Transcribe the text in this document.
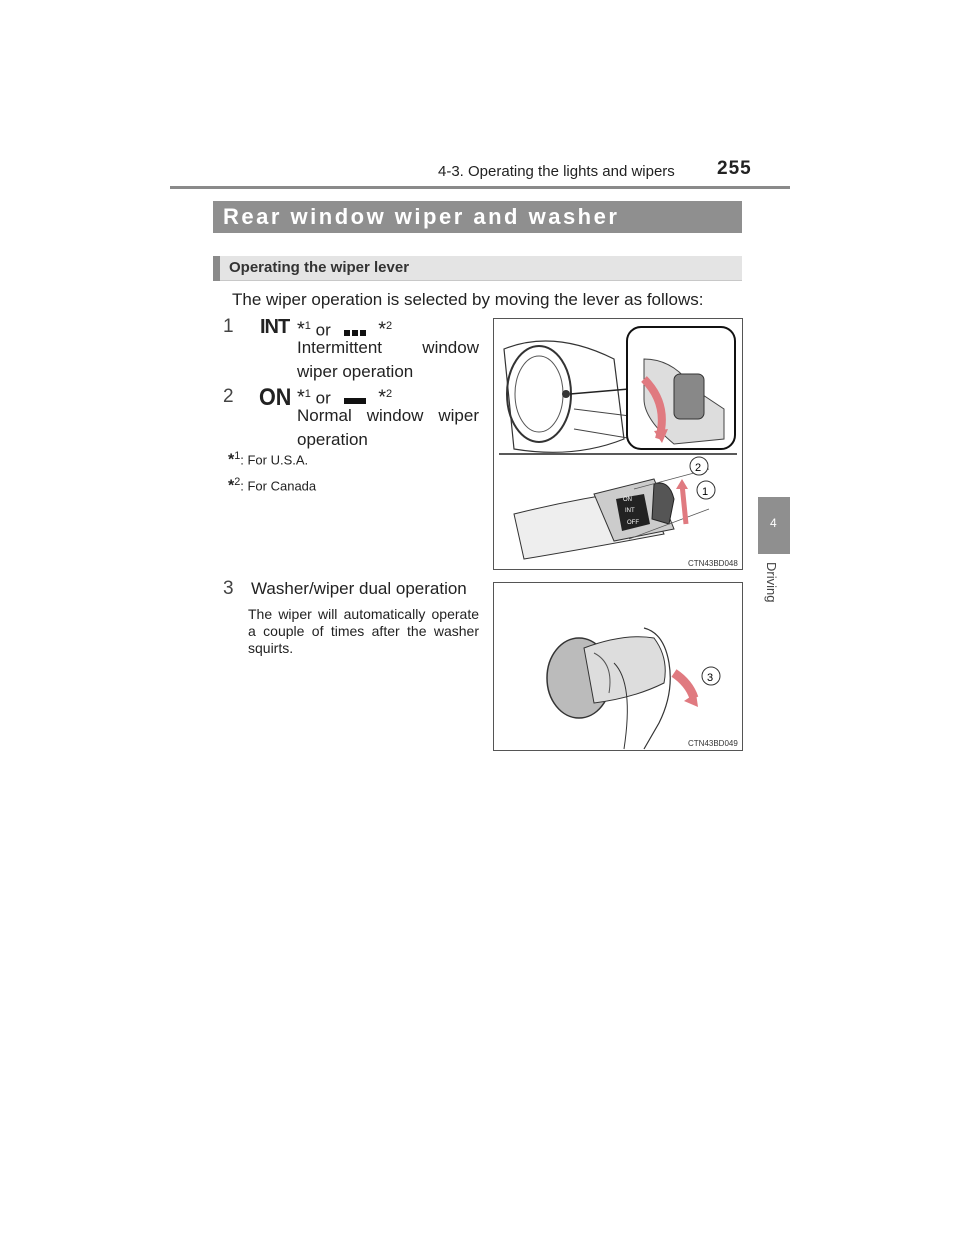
4-3. Operating the lights and wipers 255
4
Driving
Rear window wiper and washer
Operating the wiper lever
The wiper operation is selected by moving the lever as follows:
1 INT *$^1$ or *$^2$
Intermittent window wiper operation
2 ON *$^1$ or *$^2$
Normal window wiper operation
*$^1$: For U.S.A.
*$^2$: For Canada
3 Washer/wiper dual operation
The wiper will automatically operate a couple of times after the washer squirts.
ON
INT
OFF
2
1
CTN43BD048
3
CTN43BD049
